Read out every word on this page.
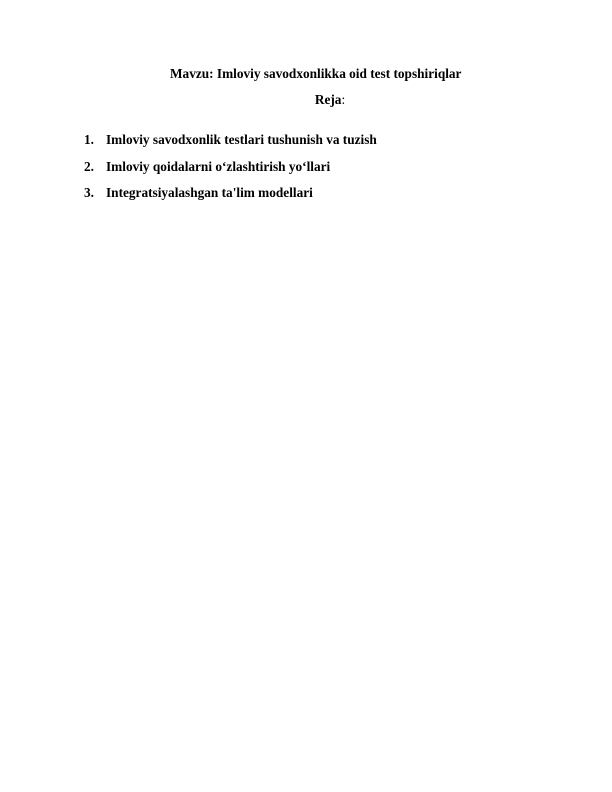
Mavzu: Imloviy savodxonlikka oid test topshiriqlar
Reja:
1. Imloviy savodxonlik testlari tushunish va tuzish
2. Imloviy qoidalarni o‘zlashtirish yo‘llari
3. Integratsiyalashgan ta'lim modellari
